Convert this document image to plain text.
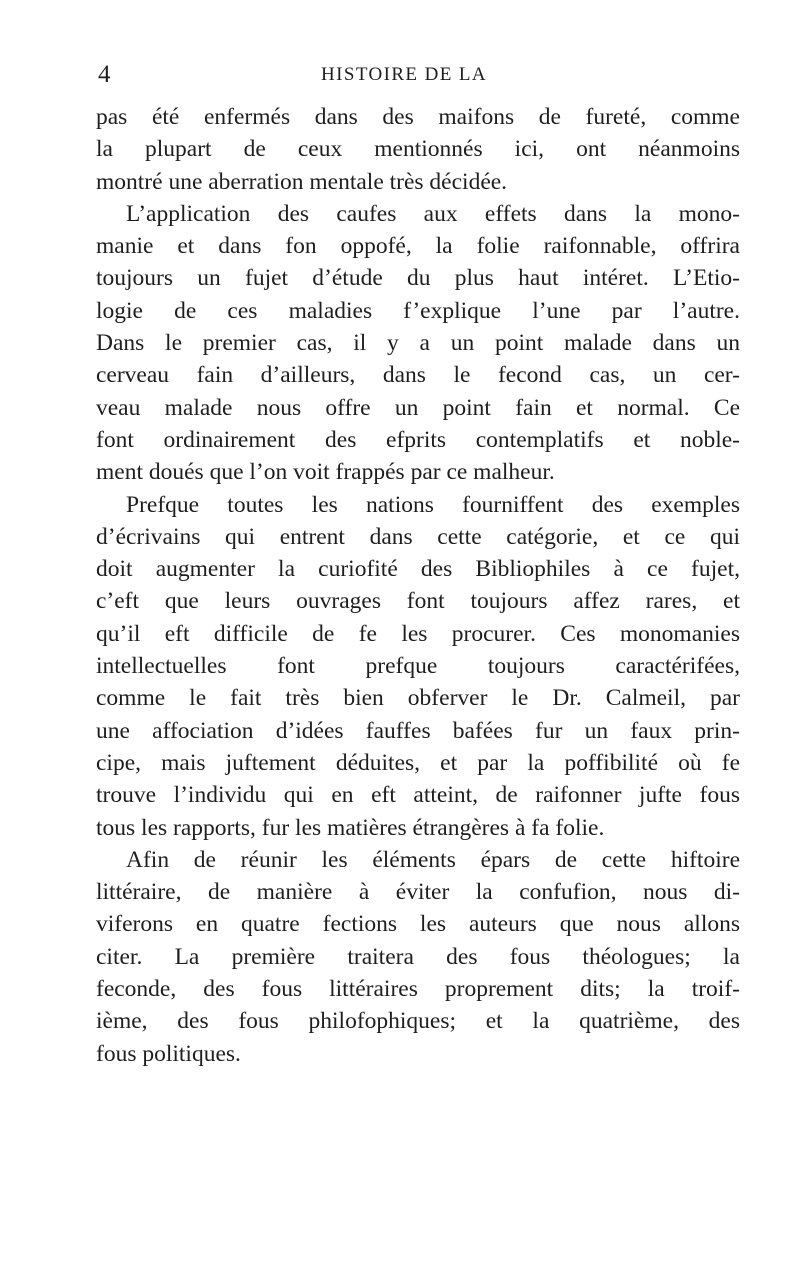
4	HISTOIRE DE LA
pas été enfermés dans des maifons de fureté, comme
la plupart de ceux mentionnés ici, ont néanmoins
montré une aberration mentale très décidée.
L’application des caufes aux effets dans la mono-
manie et dans fon oppofé, la folie raifonnable, offrira
toujours un fujet d’étude du plus haut intéret. L’Etio-
logie de ces maladies f’explique l’une par l’autre.
Dans le premier cas, il y a un point malade dans un
cerveau fain d’ailleurs, dans le fecond cas, un cer-
veau malade nous offre un point fain et normal. Ce
font ordinairement des efprits contemplatifs et noble-
ment doués que l’on voit frappés par ce malheur.
Prefque toutes les nations fourniffent des exemples
d’écrivains qui entrent dans cette catégorie, et ce qui
doit augmenter la curiofité des Bibliophiles à ce fujet,
c’eft que leurs ouvrages font toujours affez rares, et
qu’il eft difficile de fe les procurer. Ces monomanies
intellectuelles font prefque toujours caractérifées,
comme le fait très bien obferver le Dr. Calmeil, par
une affociation d’idées fauffes bafées fur un faux prin-
cipe, mais juftement déduites, et par la poffibilité où fe
trouve l’individu qui en eft atteint, de raifonner jufte fous
tous les rapports, fur les matières étrangères à fa folie.
Afin de réunir les éléments épars de cette hiftoire
littéraire, de manière à éviter la confufion, nous di-
viferons en quatre fections les auteurs que nous allons
citer. La première traitera des fous théologues; la
feconde, des fous littéraires proprement dits; la troif-
ième, des fous philofophiques; et la quatrième, des
fous politiques.
